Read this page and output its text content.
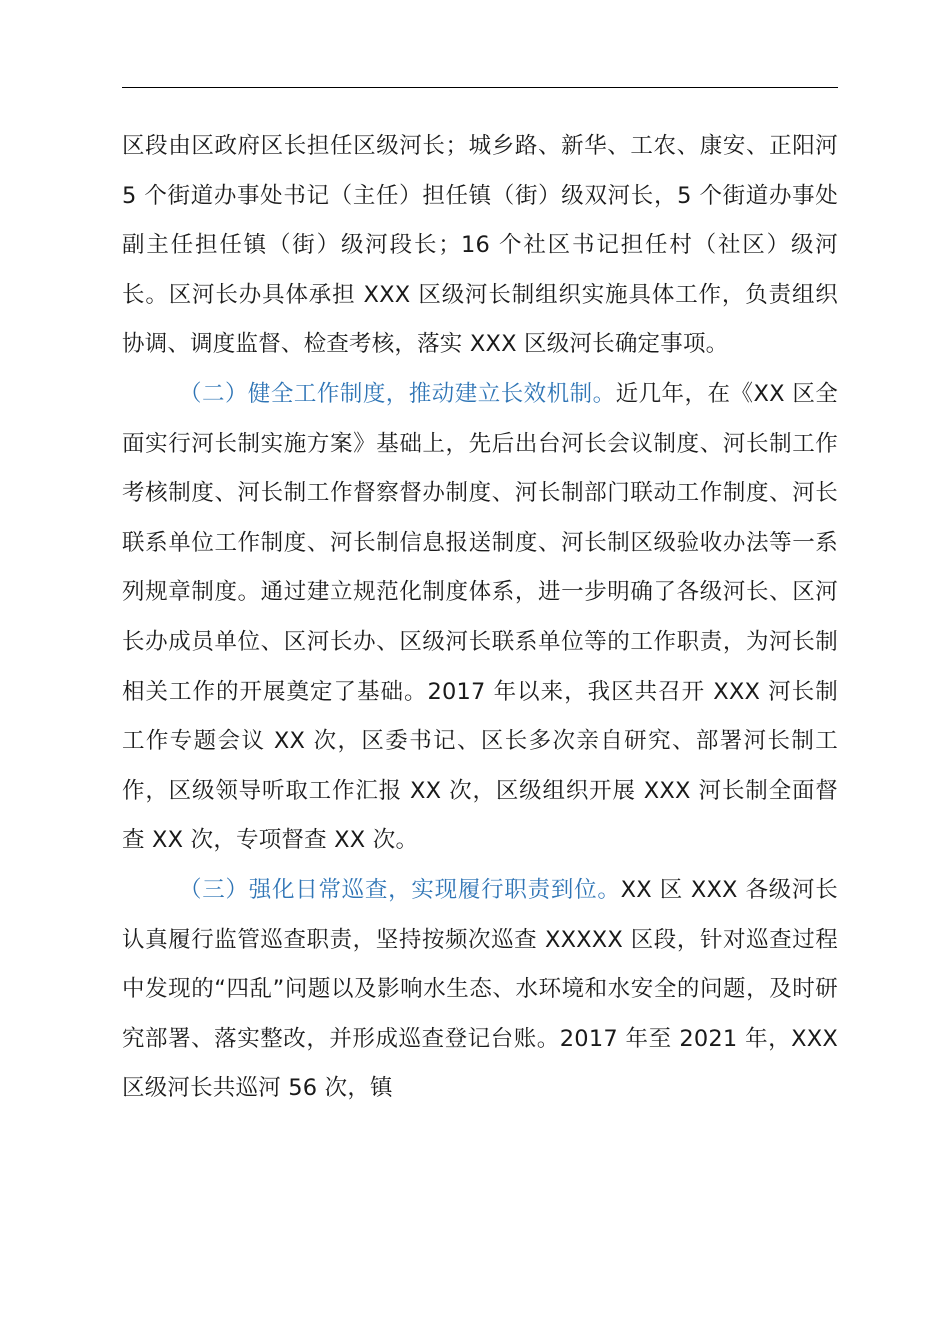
区段由区政府区长担任区级河长；城乡路、新华、工农、康安、正阳河 5 个街道办事处书记（主任）担任镇（街）级双河长，5 个街道办事处副主任担任镇（街）级河段长；16 个社区书记担任村（社区）级河长。区河长办具体承担 XXX 区级河长制组织实施具体工作，负责组织协调、调度监督、检查考核，落实 XXX 区级河长确定事项。

（二）健全工作制度，推动建立长效机制。近几年，在《XX 区全面实行河长制实施方案》基础上，先后出台河长会议制度、河长制工作考核制度、河长制工作督察督办制度、河长制部门联动工作制度、河长联系单位工作制度、河长制信息报送制度、河长制区级验收办法等一系列规章制度。通过建立规范化制度体系，进一步明确了各级河长、区河长办成员单位、区河长办、区级河长联系单位等的工作职责，为河长制相关工作的开展奠定了基础。2017 年以来，我区共召开 XXX 河长制工作专题会议 XX 次，区委书记、区长多次亲自研究、部署河长制工作，区级领导听取工作汇报 XX 次，区级组织开展 XXX 河长制全面督查 XX 次，专项督查 XX 次。

（三）强化日常巡查，实现履行职责到位。XX 区 XXX 各级河长认真履行监管巡查职责，坚持按频次巡查 XXXXX 区段，针对巡查过程中发现的“四乱”问题以及影响水生态、水环境和水安全的问题，及时研究部署、落实整改，并形成巡查登记台账。2017 年至 2021 年，XXX 区级河长共巡河 56 次，镇
